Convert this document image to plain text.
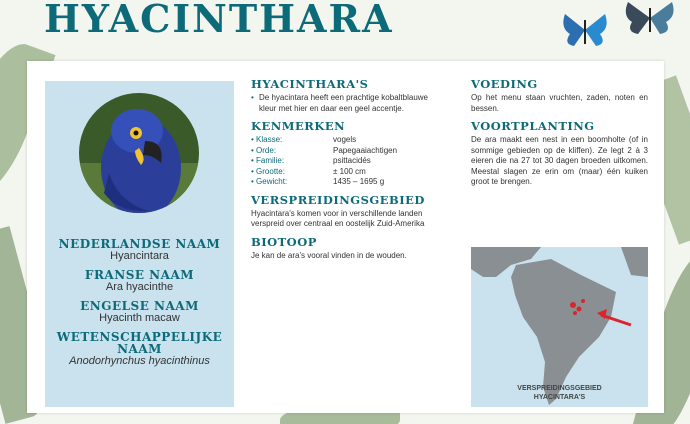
HYACINTHARA
NEDERLANDSE NAAM
Hyancintara
FRANSE NAAM
Ara hyacinthe
ENGELSE NAAM
Hyacinth macaw
WETENSCHAPPELIJKE NAAM
Anodorhynchus hyacinthinus
HYACINTHARA'S
• De hyacintara heeft een prachtige kobaltblauwe kleur met hier en daar een geel accentje.
KENMERKEN
• Klasse:	vogels
• Orde:	Papegaaiachtigen
• Familie:	psittacidés
• Grootte:	± 100 cm
• Gewicht:	1435 – 1695 g
VERSPREIDINGSGEBIED
Hyacintara's komen voor in verschillende landen verspreid over centraal en oostelijk Zuid-Amerika
BIOTOOP
Je kan de ara's vooral vinden in de wouden.
VOEDING
Op het menu staan vruchten, zaden, noten en bessen.
VOORTPLANTING
De ara maakt een nest in een boomholte (of in sommige gebieden op de kliffen). Ze legt 2 à 3 eieren die na 27 tot 30 dagen broeden uitkomen. Meestal slagen ze erin om (maar) één kuiken groot te brengen.
VERSPREIDINGSGEBIED
HYACINTARA'S
